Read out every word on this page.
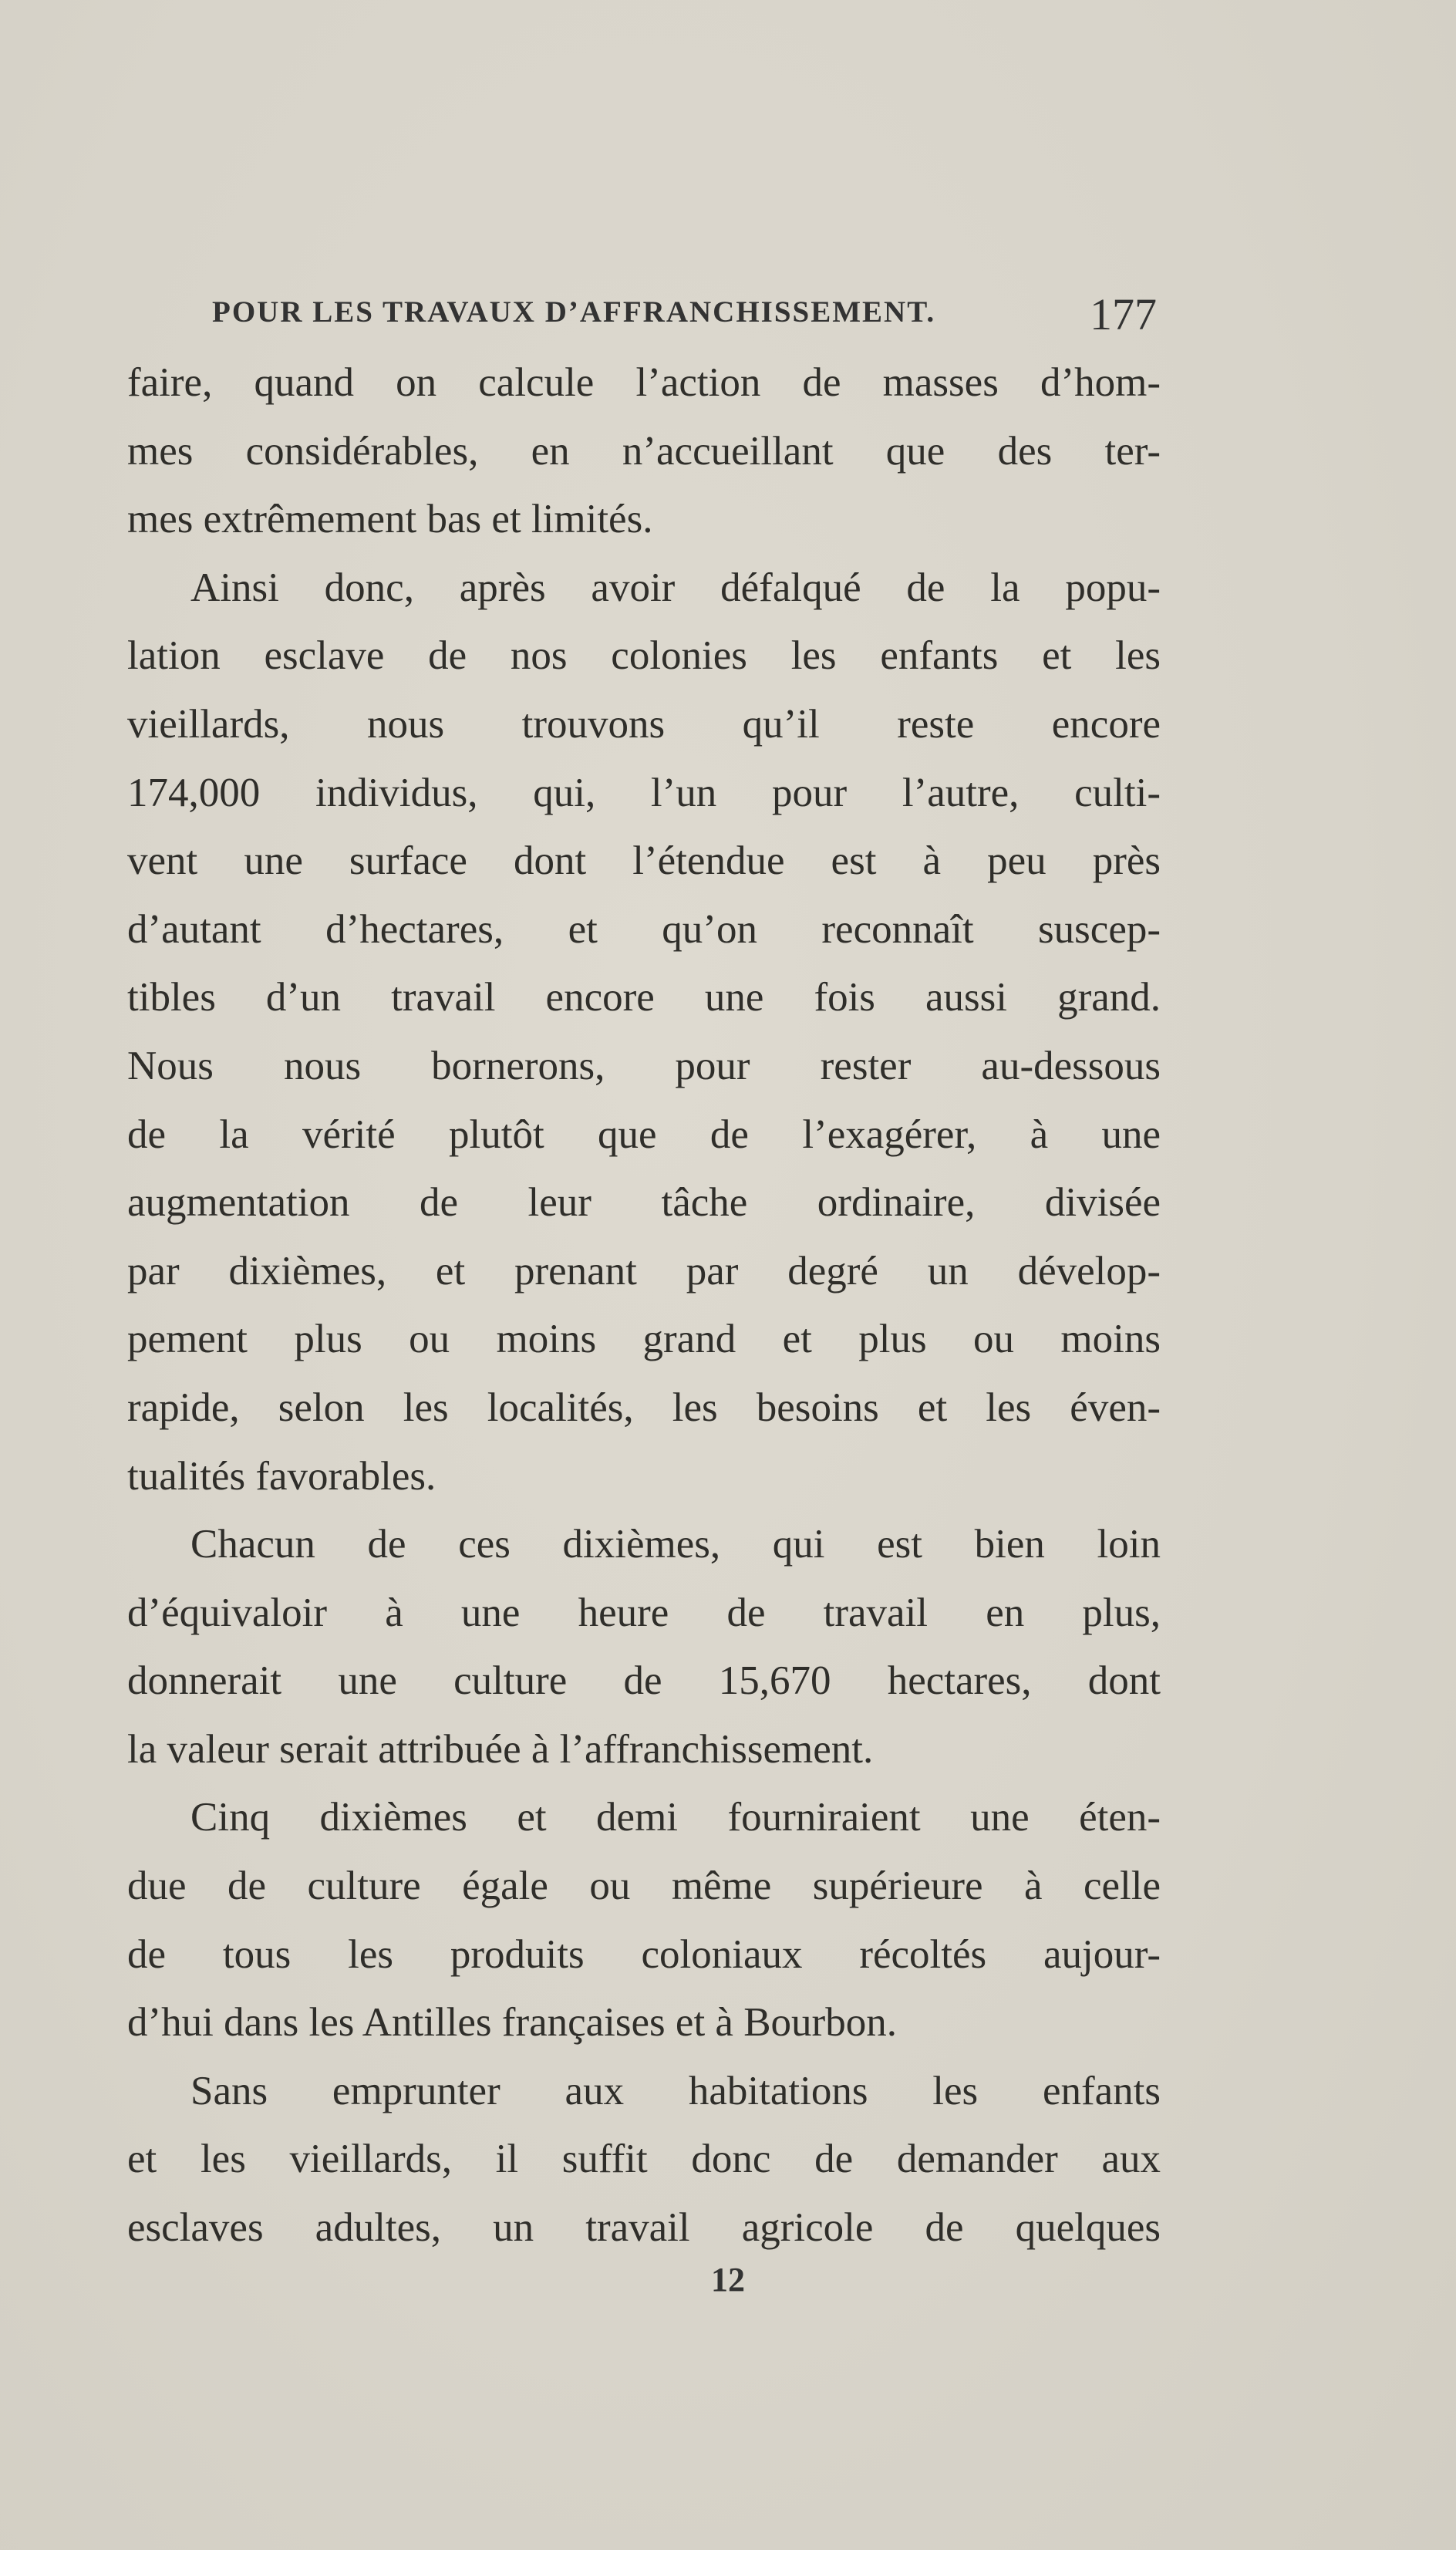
POUR LES TRAVAUX D’AFFRANCHISSEMENT.	177
faire, quand on calcule l’action de masses d’hom-
mes considérables, en n’accueillant que des ter-
mes extrêmement bas et limités.
Ainsi donc, après avoir défalqué de la popu-
lation esclave de nos colonies les enfants et les
vieillards, nous trouvons qu’il reste encore
174,000 individus, qui, l’un pour l’autre, culti-
vent une surface dont l’étendue est à peu près
d’autant d’hectares, et qu’on reconnaît suscep-
tibles d’un travail encore une fois aussi grand.
Nous nous bornerons, pour rester au-dessous
de la vérité plutôt que de l’exagérer, à une
augmentation de leur tâche ordinaire, divisée
par dixièmes, et prenant par degré un dévelop-
pement plus ou moins grand et plus ou moins
rapide, selon les localités, les besoins et les éven-
tualités favorables.
Chacun de ces dixièmes, qui est bien loin
d’équivaloir à une heure de travail en plus,
donnerait une culture de 15,670 hectares, dont
la valeur serait attribuée à l’affranchissement.
Cinq dixièmes et demi fourniraient une éten-
due de culture égale ou même supérieure à celle
de tous les produits coloniaux récoltés aujour-
d’hui dans les Antilles françaises et à Bourbon.
Sans emprunter aux habitations les enfants
et les vieillards, il suffit donc de demander aux
esclaves adultes, un travail agricole de quelques
12
